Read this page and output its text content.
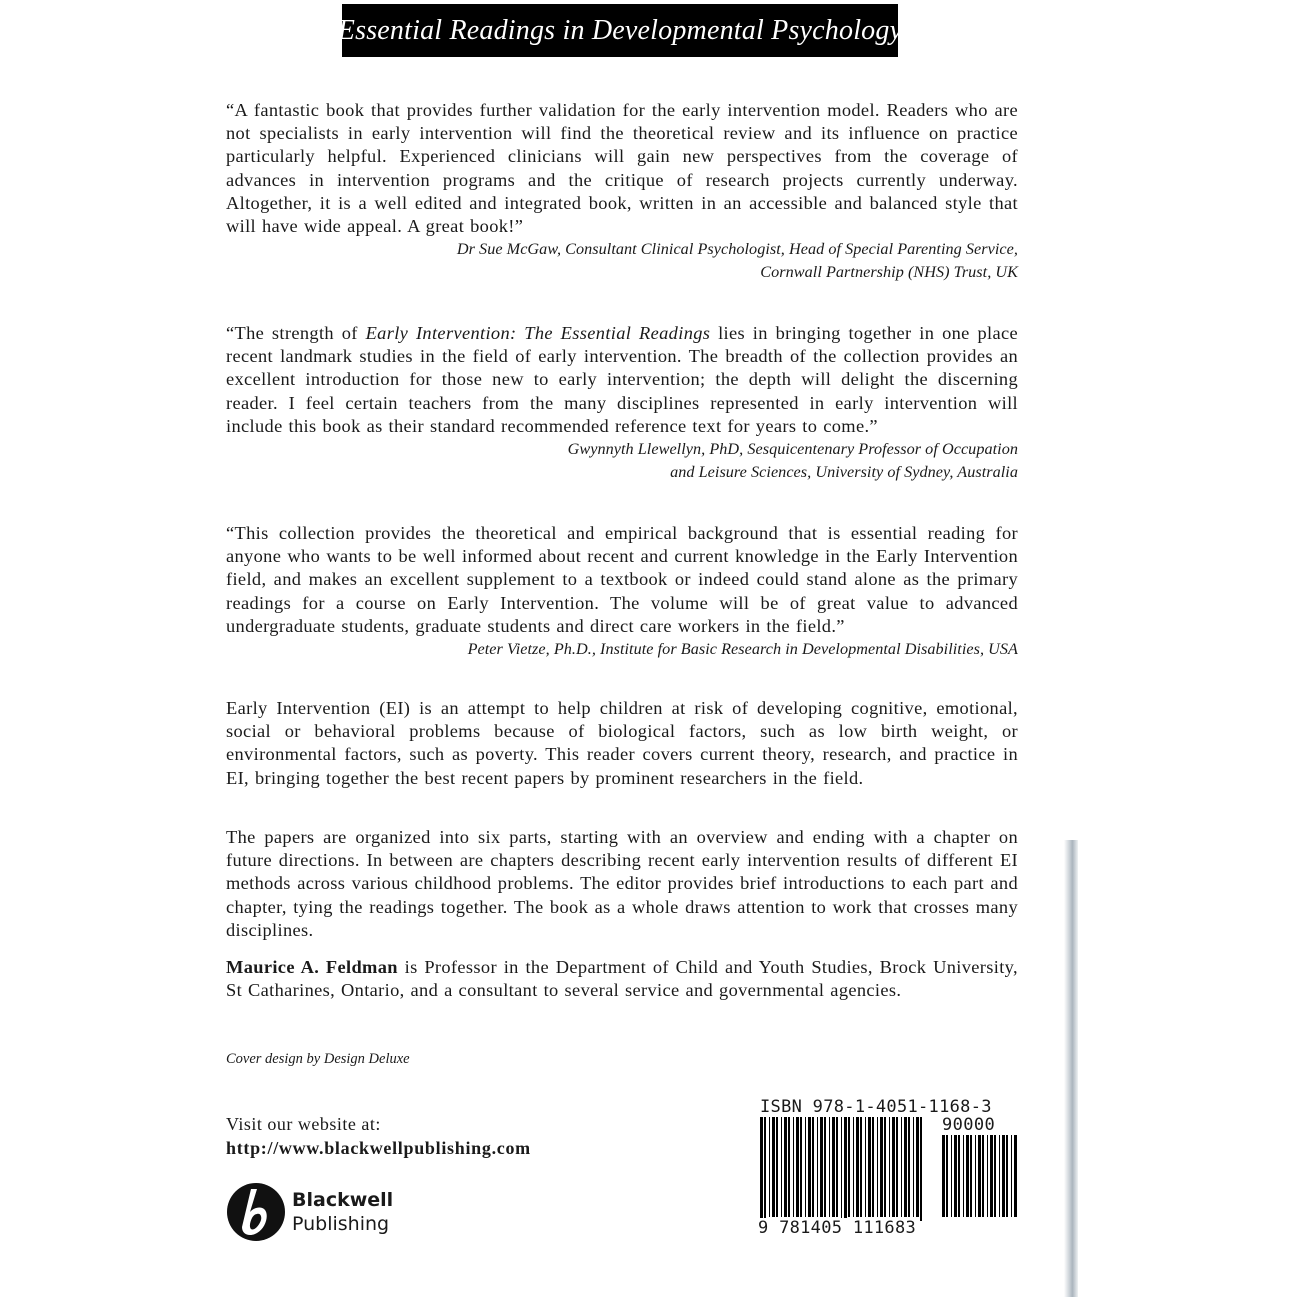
Essential Readings in Developmental Psychology

“A fantastic book that provides further validation for the early intervention model. Readers who are not specialists in early intervention will find the theoretical review and its influence on practice particularly helpful. Experienced clinicians will gain new perspectives from the coverage of advances in intervention programs and the critique of research projects currently underway. Altogether, it is a well edited and integrated book, written in an accessible and balanced style that will have wide appeal. A great book!”

Dr Sue McGaw, Consultant Clinical Psychologist, Head of Special Parenting Service,
Cornwall Partnership (NHS) Trust, UK

“The strength of Early Intervention: The Essential Readings lies in bringing together in one place recent landmark studies in the field of early intervention. The breadth of the collection provides an excellent introduction for those new to early intervention; the depth will delight the discerning reader. I feel certain teachers from the many disciplines represented in early intervention will include this book as their standard recommended reference text for years to come.”

Gwynnyth Llewellyn, PhD, Sesquicentenary Professor of Occupation
and Leisure Sciences, University of Sydney, Australia

“This collection provides the theoretical and empirical background that is essential reading for anyone who wants to be well informed about recent and current knowledge in the Early Intervention field, and makes an excellent supplement to a textbook or indeed could stand alone as the primary readings for a course on Early Intervention. The volume will be of great value to advanced undergraduate students, graduate students and direct care workers in the field.”

Peter Vietze, Ph.D., Institute for Basic Research in Developmental Disabilities, USA

Early Intervention (EI) is an attempt to help children at risk of developing cognitive, emotional, social or behavioral problems because of biological factors, such as low birth weight, or environmental factors, such as poverty. This reader covers current theory, research, and practice in EI, bringing together the best recent papers by prominent researchers in the field.

The papers are organized into six parts, starting with an overview and ending with a chapter on future directions. In between are chapters describing recent early intervention results of different EI methods across various childhood problems. The editor provides brief introductions to each part and chapter, tying the readings together. The book as a whole draws attention to work that crosses many disciplines.

Maurice A. Feldman is Professor in the Department of Child and Youth Studies, Brock University, St Catharines, Ontario, and a consultant to several service and governmental agencies.

Cover design by Design Deluxe
Visit our website at:
http://www.blackwellpublishing.com
Blackwell
Publishing
ISBN 978-1-4051-1168-3
90000
9 781405 111683
